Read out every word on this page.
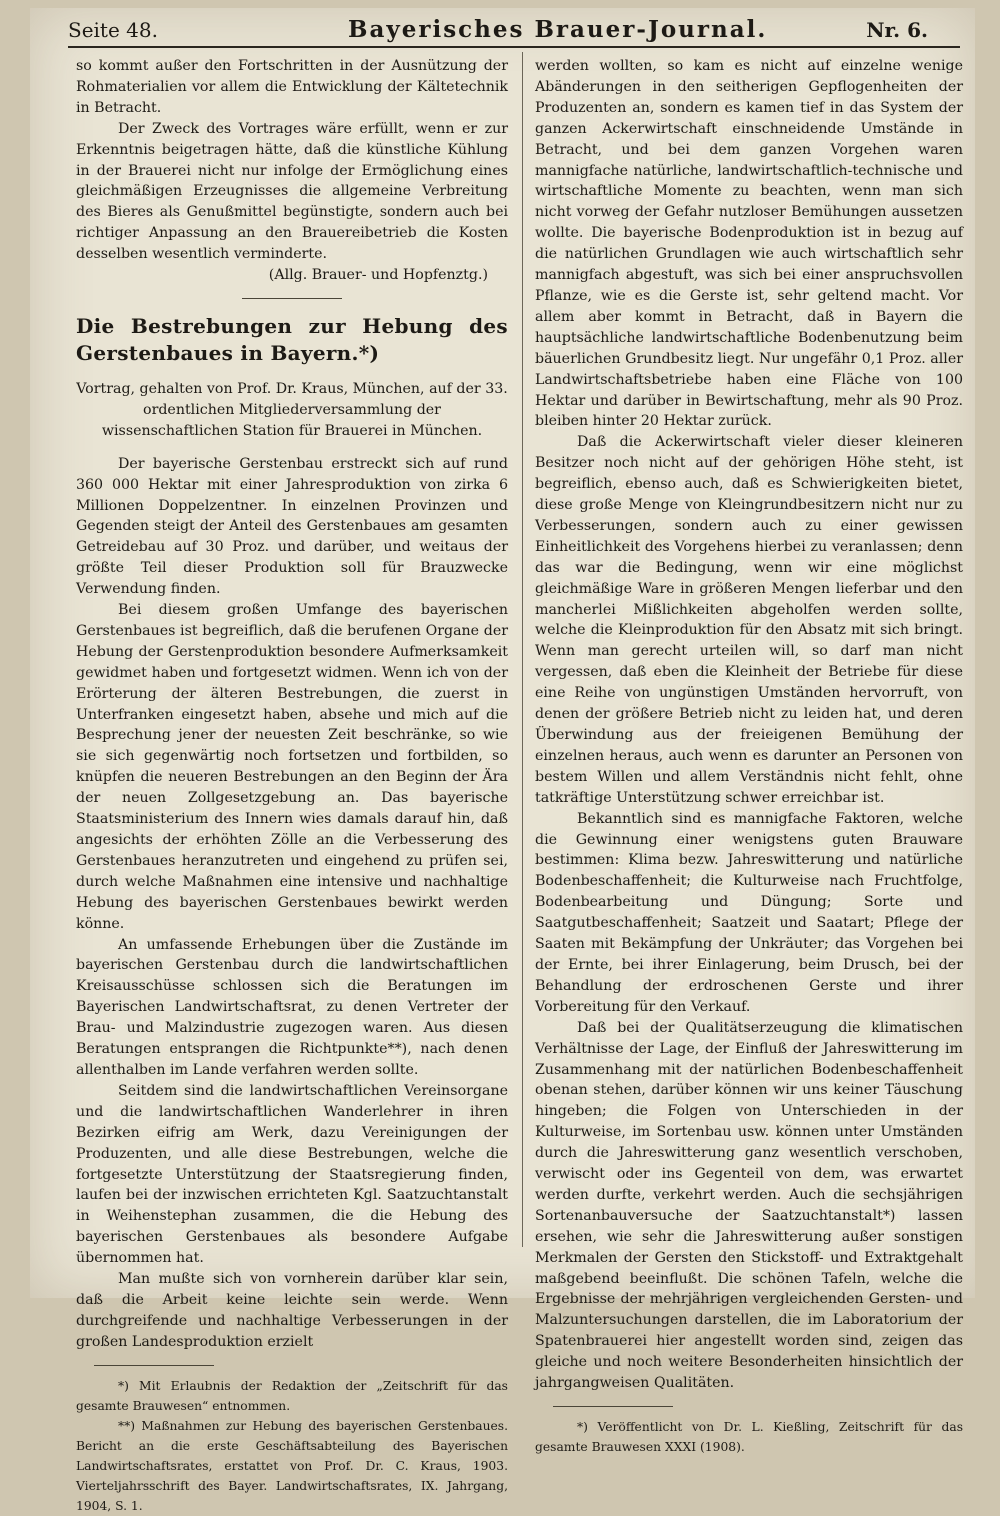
Seite 48.	Bayerisches Brauer-Journal.	Nr. 6.

so kommt außer den Fortschritten in der Ausnützung der Rohmaterialien vor allem die Entwicklung der Kältetechnik in Betracht.

Der Zweck des Vortrages wäre erfüllt, wenn er zur Erkenntnis beigetragen hätte, daß die künstliche Kühlung in der Brauerei nicht nur infolge der Ermöglichung eines gleichmäßigen Erzeugnisses die allgemeine Verbreitung des Bieres als Genußmittel begünstigte, sondern auch bei richtiger Anpassung an den Brauereibetrieb die Kosten desselben wesentlich verminderte.

(Allg. Brauer- und Hopfenztg.)

Die Bestrebungen zur Hebung des Gerstenbaues in Bayern.*)

Vortrag, gehalten von Prof. Dr. Kraus, München, auf der 33. ordentlichen Mitgliederversammlung der wissenschaftlichen Station für Brauerei in München.

Der bayerische Gerstenbau erstreckt sich auf rund 360 000 Hektar mit einer Jahresproduktion von zirka 6 Millionen Doppelzentner. In einzelnen Provinzen und Gegenden steigt der Anteil des Gerstenbaues am gesamten Getreidebau auf 30 Proz. und darüber, und weitaus der größte Teil dieser Produktion soll für Brauzwecke Verwendung finden.

Bei diesem großen Umfange des bayerischen Gerstenbaues ist begreiflich, daß die berufenen Organe der Hebung der Gerstenproduktion besondere Aufmerksamkeit gewidmet haben und fortgesetzt widmen. Wenn ich von der Erörterung der älteren Bestrebungen, die zuerst in Unterfranken eingesetzt haben, absehe und mich auf die Besprechung jener der neuesten Zeit beschränke, so wie sie sich gegenwärtig noch fortsetzen und fortbilden, so knüpfen die neueren Bestrebungen an den Beginn der Ära der neuen Zollgesetzgebung an. Das bayerische Staatsministerium des Innern wies damals darauf hin, daß angesichts der erhöhten Zölle an die Verbesserung des Gerstenbaues heranzutreten und eingehend zu prüfen sei, durch welche Maßnahmen eine intensive und nachhaltige Hebung des bayerischen Gerstenbaues bewirkt werden könne.

An umfassende Erhebungen über die Zustände im bayerischen Gerstenbau durch die landwirtschaftlichen Kreisausschüsse schlossen sich die Beratungen im Bayerischen Landwirtschaftsrat, zu denen Vertreter der Brau- und Malzindustrie zugezogen waren. Aus diesen Beratungen entsprangen die Richtpunkte**), nach denen allenthalben im Lande verfahren werden sollte.

Seitdem sind die landwirtschaftlichen Vereinsorgane und die landwirtschaftlichen Wanderlehrer in ihren Bezirken eifrig am Werk, dazu Vereinigungen der Produzenten, und alle diese Bestrebungen, welche die fortgesetzte Unterstützung der Staatsregierung finden, laufen bei der inzwischen errichteten Kgl. Saatzuchtanstalt in Weihenstephan zusammen, die die Hebung des bayerischen Gerstenbaues als besondere Aufgabe übernommen hat.

Man mußte sich von vornherein darüber klar sein, daß die Arbeit keine leichte sein werde. Wenn durchgreifende und nachhaltige Verbesserungen in der großen Landesproduktion erzielt

*) Mit Erlaubnis der Redaktion der „Zeitschrift für das gesamte Brauwesen“ entnommen.

**) Maßnahmen zur Hebung des bayerischen Gerstenbaues. Bericht an die erste Geschäftsabteilung des Bayerischen Landwirtschaftsrates, erstattet von Prof. Dr. C. Kraus, 1903. Vierteljahrsschrift des Bayer. Landwirtschaftsrates, IX. Jahrgang, 1904, S. 1.

werden wollten, so kam es nicht auf einzelne wenige Abänderungen in den seitherigen Gepflogenheiten der Produzenten an, sondern es kamen tief in das System der ganzen Ackerwirtschaft einschneidende Umstände in Betracht, und bei dem ganzen Vorgehen waren mannigfache natürliche, landwirtschaftlich-technische und wirtschaftliche Momente zu beachten, wenn man sich nicht vorweg der Gefahr nutzloser Bemühungen aussetzen wollte. Die bayerische Bodenproduktion ist in bezug auf die natürlichen Grundlagen wie auch wirtschaftlich sehr mannigfach abgestuft, was sich bei einer anspruchsvollen Pflanze, wie es die Gerste ist, sehr geltend macht. Vor allem aber kommt in Betracht, daß in Bayern die hauptsächliche landwirtschaftliche Bodenbenutzung beim bäuerlichen Grundbesitz liegt. Nur ungefähr 0,1 Proz. aller Landwirtschaftsbetriebe haben eine Fläche von 100 Hektar und darüber in Bewirtschaftung, mehr als 90 Proz. bleiben hinter 20 Hektar zurück.

Daß die Ackerwirtschaft vieler dieser kleineren Besitzer noch nicht auf der gehörigen Höhe steht, ist begreiflich, ebenso auch, daß es Schwierigkeiten bietet, diese große Menge von Kleingrundbesitzern nicht nur zu Verbesserungen, sondern auch zu einer gewissen Einheitlichkeit des Vorgehens hierbei zu veranlassen; denn das war die Bedingung, wenn wir eine möglichst gleichmäßige Ware in größeren Mengen lieferbar und den mancherlei Mißlichkeiten abgeholfen werden sollte, welche die Kleinproduktion für den Absatz mit sich bringt. Wenn man gerecht urteilen will, so darf man nicht vergessen, daß eben die Kleinheit der Betriebe für diese eine Reihe von ungünstigen Umständen hervorruft, von denen der größere Betrieb nicht zu leiden hat, und deren Überwindung aus der freieigenen Bemühung der einzelnen heraus, auch wenn es darunter an Personen von bestem Willen und allem Verständnis nicht fehlt, ohne tatkräftige Unterstützung schwer erreichbar ist.

Bekanntlich sind es mannigfache Faktoren, welche die Gewinnung einer wenigstens guten Brauware bestimmen: Klima bezw. Jahreswitterung und natürliche Bodenbeschaffenheit; die Kulturweise nach Fruchtfolge, Bodenbearbeitung und Düngung; Sorte und Saatgutbeschaffenheit; Saatzeit und Saatart; Pflege der Saaten mit Bekämpfung der Unkräuter; das Vorgehen bei der Ernte, bei ihrer Einlagerung, beim Drusch, bei der Behandlung der erdroschenen Gerste und ihrer Vorbereitung für den Verkauf.

Daß bei der Qualitätserzeugung die klimatischen Verhältnisse der Lage, der Einfluß der Jahreswitterung im Zusammenhang mit der natürlichen Bodenbeschaffenheit obenan stehen, darüber können wir uns keiner Täuschung hingeben; die Folgen von Unterschieden in der Kulturweise, im Sortenbau usw. können unter Umständen durch die Jahreswitterung ganz wesentlich verschoben, verwischt oder ins Gegenteil von dem, was erwartet werden durfte, verkehrt werden. Auch die sechsjährigen Sortenanbauversuche der Saatzuchtanstalt*) lassen ersehen, wie sehr die Jahreswitterung außer sonstigen Merkmalen der Gersten den Stickstoff- und Extraktgehalt maßgebend beeinflußt. Die schönen Tafeln, welche die Ergebnisse der mehrjährigen vergleichenden Gersten- und Malzuntersuchungen darstellen, die im Laboratorium der Spatenbrauerei hier angestellt worden sind, zeigen das gleiche und noch weitere Besonderheiten hinsichtlich der jahrgangweisen Qualitäten.

*) Veröffentlicht von Dr. L. Kießling, Zeitschrift für das gesamte Brauwesen XXXI (1908).
